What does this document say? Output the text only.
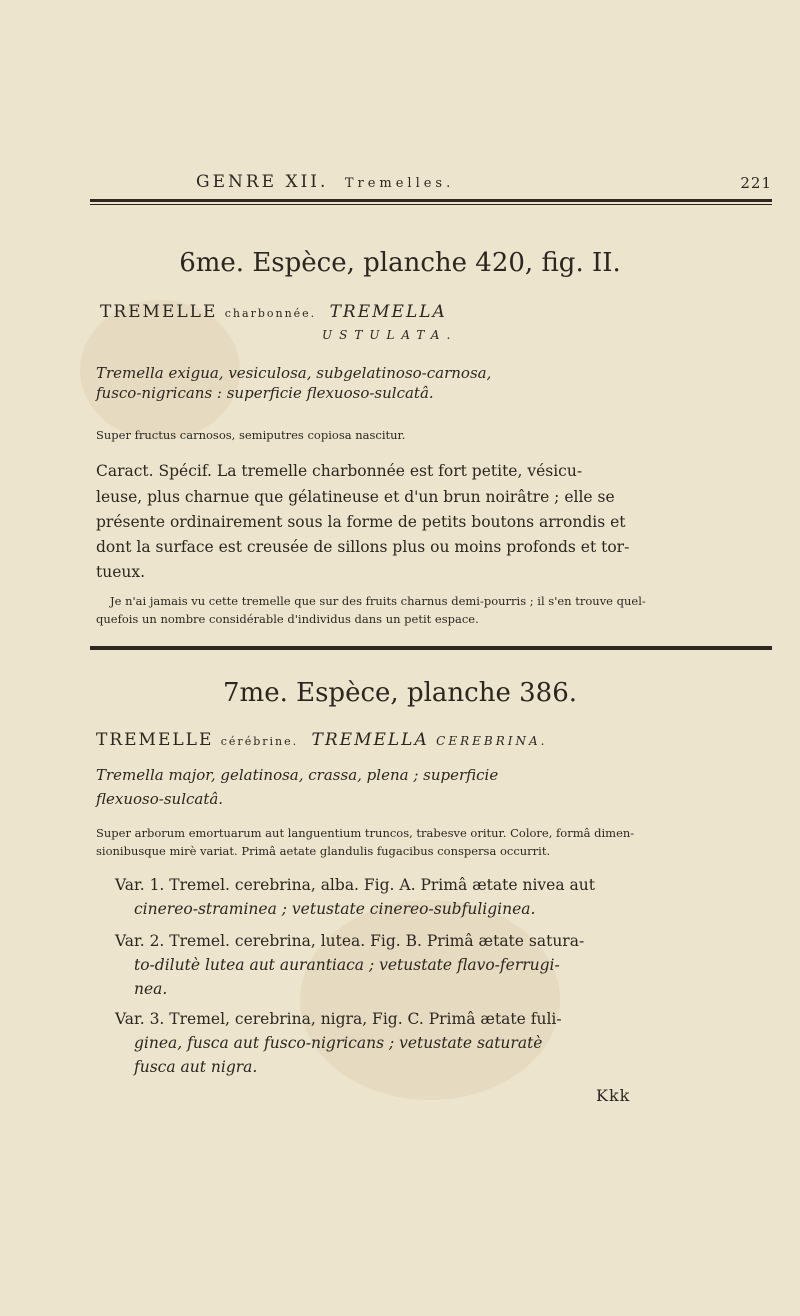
GENRE XII. Tremelles.	221
6me. Espèce, planche 420, fig. II.
TREMELLE charbonnée. TREMELLA
USTULATA.
Tremella exigua, vesiculosa, subgelatinoso-carnosa,
fusco-nigricans : superficie flexuoso-sulcatâ.
Super fructus carnosos, semiputres copiosa nascitur.
Caract. Spécif. La tremelle charbonnée est fort petite, vésicu-
leuse, plus charnue que gélatineuse et d'un brun noirâtre ; elle se
présente ordinairement sous la forme de petits boutons arrondis et
dont la surface est creusée de sillons plus ou moins profonds et tor-
tueux.
Je n'ai jamais vu cette tremelle que sur des fruits charnus demi-pourris ; il s'en trouve quel-
quefois un nombre considérable d'individus dans un petit espace.
7me. Espèce, planche 386.
TREMELLE cérébrine. TREMELLA CEREBRINA.
Tremella major, gelatinosa, crassa, plena ; superficie
flexuoso-sulcatâ.
Super arborum emortuarum aut languentium truncos, trabesve oritur. Colore, formâ dimen-
sionibusque mirè variat. Primâ aetate glandulis fugacibus conspersa occurrit.
Var. 1. Tremel. cerebrina, alba. Fig. A. Primâ ætate nivea aut
cinereo-straminea ; vetustate cinereo-subfuliginea.
Var. 2. Tremel. cerebrina, lutea. Fig. B. Primâ ætate satura-
to-dilutè lutea aut aurantiaca ; vetustate flavo-ferrugi-
nea.
Var. 3. Tremel, cerebrina, nigra, Fig. C. Primâ ætate fuli-
ginea, fusca aut fusco-nigricans ; vetustate saturatè
fusca aut nigra.
Kkk
